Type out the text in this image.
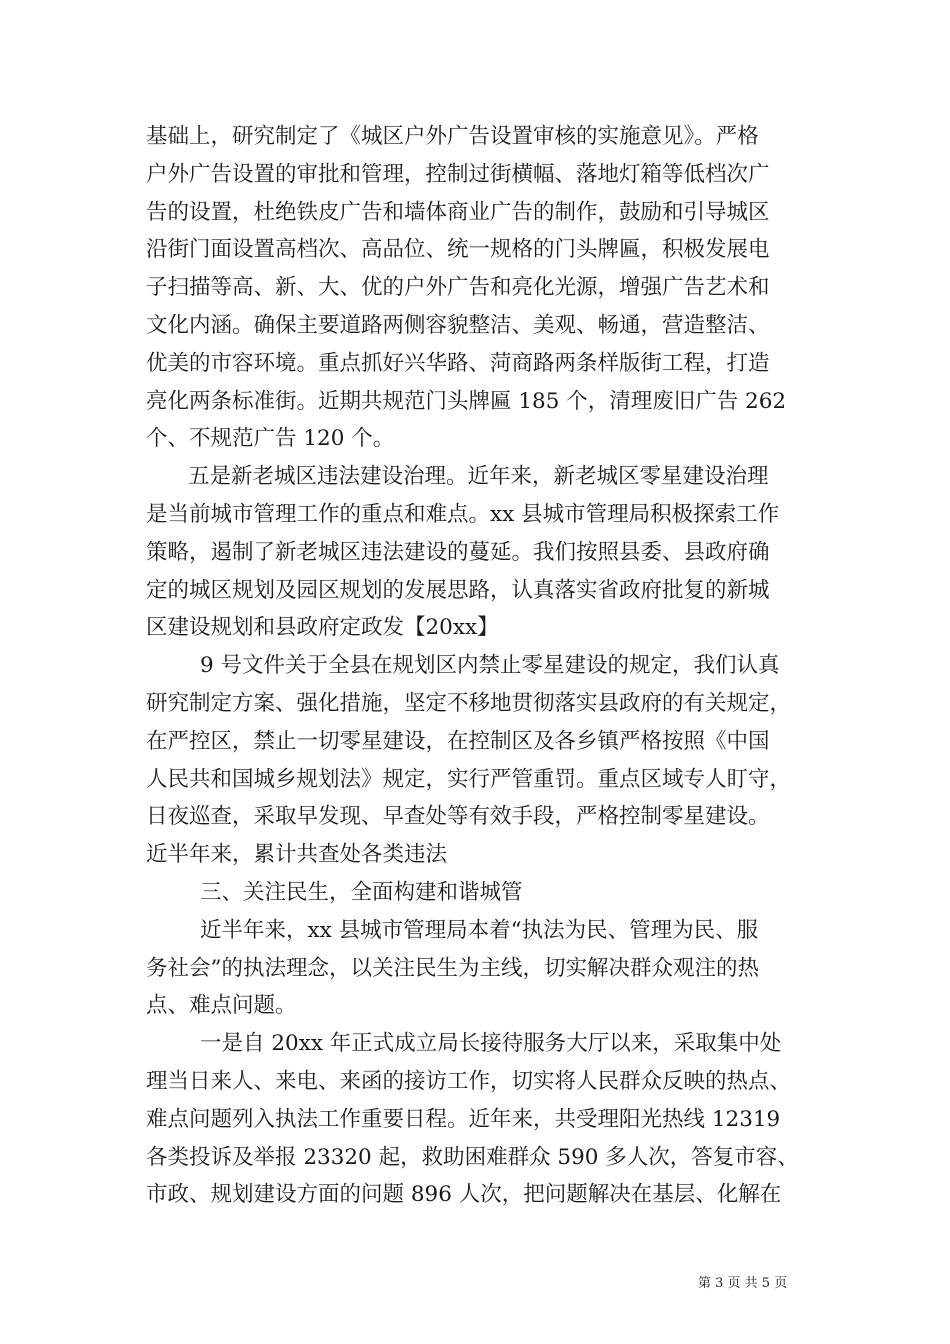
基础上，研究制定了《城区户外广告设置审核的实施意见》。严格
户外广告设置的审批和管理，控制过街横幅、落地灯箱等低档次广
告的设置，杜绝铁皮广告和墙体商业广告的制作，鼓励和引导城区
沿街门面设置高档次、高品位、统一规格的门头牌匾，积极发展电
子扫描等高、新、大、优的户外广告和亮化光源，增强广告艺术和
文化内涵。确保主要道路两侧容貌整洁、美观、畅通，营造整洁、
优美的市容环境。重点抓好兴华路、菏商路两条样版街工程，打造
亮化两条标准街。近期共规范门头牌匾 185 个，清理废旧广告 262
个、不规范广告 120 个。
五是新老城区违法建设治理。近年来，新老城区零星建设治理
是当前城市管理工作的重点和难点。xx 县城市管理局积极探索工作
策略，遏制了新老城区违法建设的蔓延。我们按照县委、县政府确
定的城区规划及园区规划的发展思路，认真落实省政府批复的新城
区建设规划和县政府定政发【20xx】
9 号文件关于全县在规划区内禁止零星建设的规定，我们认真
研究制定方案、强化措施，坚定不移地贯彻落实县政府的有关规定，
在严控区，禁止一切零星建设，在控制区及各乡镇严格按照《中国
人民共和国城乡规划法》规定，实行严管重罚。重点区域专人盯守，
日夜巡查，采取早发现、早查处等有效手段，严格控制零星建设。
近半年来，累计共查处各类违法
三、关注民生，全面构建和谐城管
近半年来，xx 县城市管理局本着“执法为民、管理为民、服
务社会”的执法理念，以关注民生为主线，切实解决群众观注的热
点、难点问题。
一是自 20xx 年正式成立局长接待服务大厅以来，采取集中处
理当日来人、来电、来函的接访工作，切实将人民群众反映的热点、
难点问题列入执法工作重要日程。近年来，共受理阳光热线 12319
各类投诉及举报 23320 起，救助困难群众 590 多人次，答复市容、
市政、规划建设方面的问题 896 人次，把问题解决在基层、化解在
第 3 页 共 5 页
